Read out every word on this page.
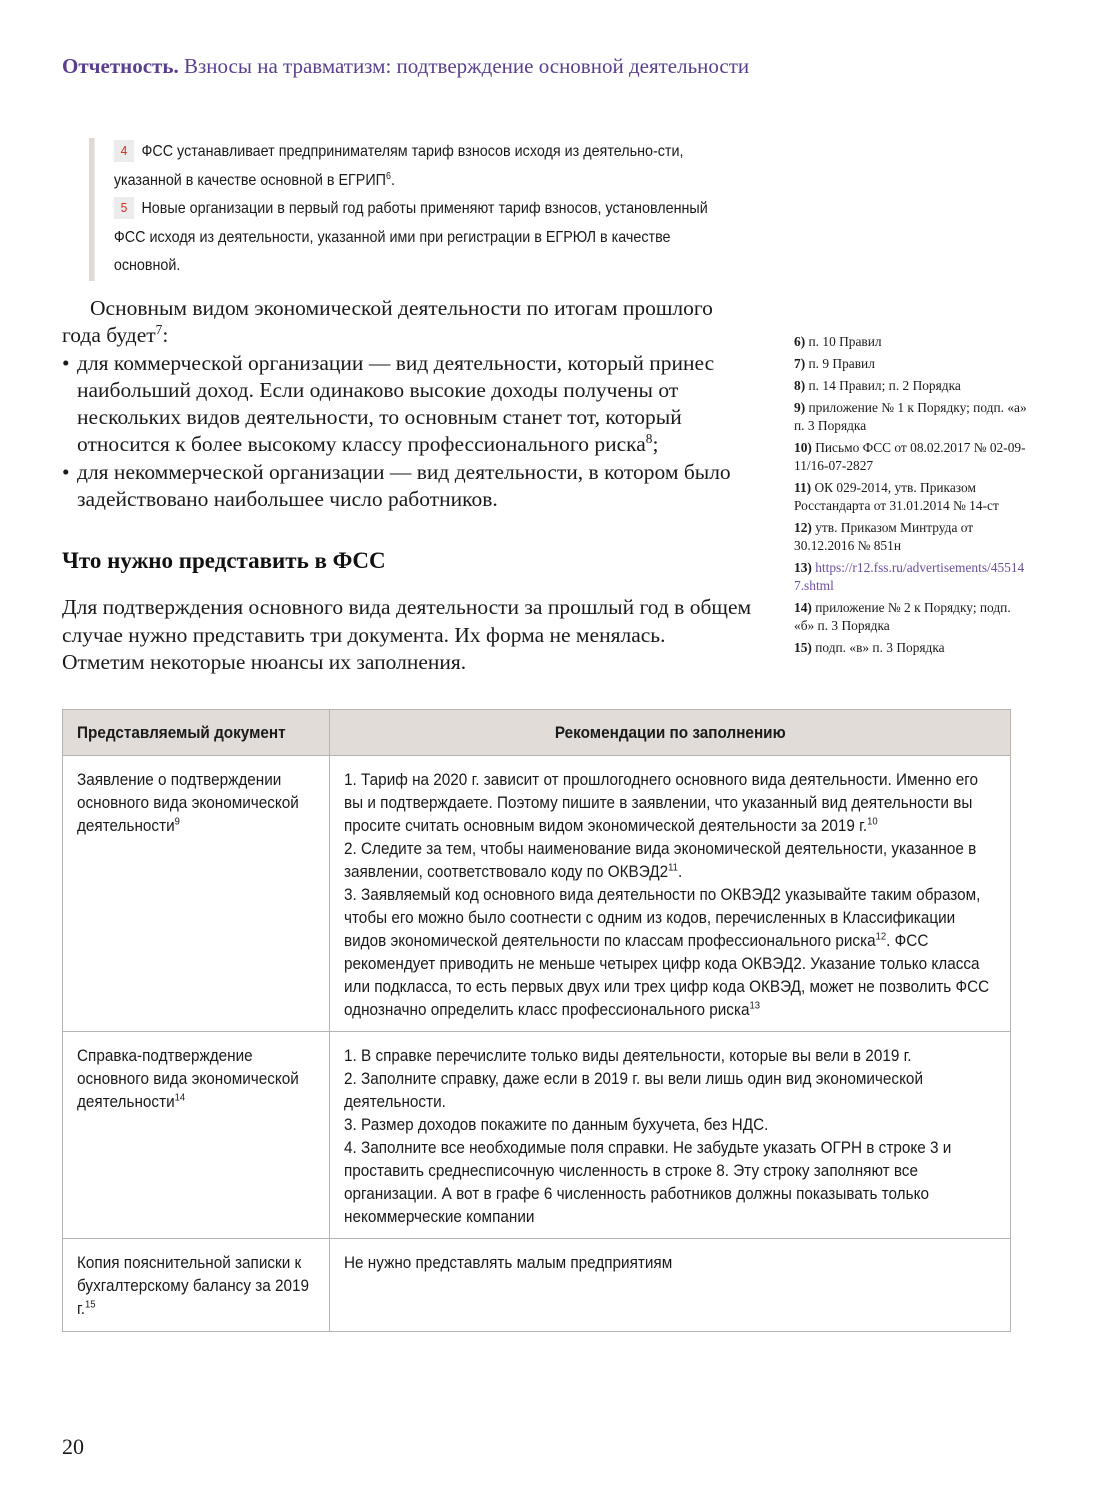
Отчетность. Взносы на травматизм: подтверждение основной деятельности

4 ФСС устанавливает предпринимателям тариф взносов исходя из деятельно-сти, указанной в качестве основной в ЕГРИП$^6$.

5 Новые организации в первый год работы применяют тариф взносов, установленный ФСС исходя из деятельности, указанной ими при регистрации в ЕГРЮЛ в качестве основной.

Основным видом экономической деятельности по итогам прошлого года будет$^7$:

• для коммерческой организации — вид деятельности, который принес наибольший доход. Если одинаково высокие доходы получены от нескольких видов деятельности, то основным станет тот, который относится к более высокому классу профессионального риска$^8$;

• для некоммерческой организации — вид деятельности, в котором было задействовано наибольшее число работников.

Что нужно представить в ФСС

Для подтверждения основного вида деятельности за прошлый год в общем случае нужно представить три документа. Их форма не менялась. Отметим некоторые нюансы их заполнения.

6) п. 10 Правил

7) п. 9 Правил

8) п. 14 Правил; п. 2 Порядка

9) приложение № 1 к Порядку; подп. «а» п. 3 Порядка

10) Письмо ФСС от 08.02.2017 № 02-09-11/16-07-2827

11) ОК 029-2014, утв. Приказом Росстандарта от 31.01.2014 № 14-ст

12) утв. Приказом Минтруда от 30.12.2016 № 851н

13) https://r12.fss.ru/advertisements/455147.shtml

14) приложение № 2 к Порядку; подп. «б» п. 3 Порядка

15) подп. «в» п. 3 Порядка

Представляемый документ	Рекомендации по заполнению
Заявление о подтверждении основного вида экономической деятельности$^9$	1. Тариф на 2020 г. зависит от прошлогоднего основного вида деятельности. Именно его вы и подтверждаете. Поэтому пишите в заявлении, что указанный вид деятельности вы просите считать основным видом экономической деятельности за 2019 г.$^{10}$
2. Следите за тем, чтобы наименование вида экономической деятельности, указанное в заявлении, соответствовало коду по $ОКВЭД2^{11}$.
3. Заявляемый код основного вида деятельности по ОКВЭД2 указывайте таким образом, чтобы его можно было соотнести с одним из кодов, перечисленных в Классификации видов экономической деятельности по классам профессионального риска$^{12}$. ФСС рекомендует приводить не меньше четырех цифр кода ОКВЭД2. Указание только класса или подкласса, то есть первых двух или трех цифр кода ОКВЭД, может не позволить ФСС однозначно определить класс профессионального риска$^{13}$

Справка-подтверждение основного вида экономической деятельности$^{14}$	1. В справке перечислите только виды деятельности, которые вы вели в 2019 г.
2. Заполните справку, даже если в 2019 г. вы вели лишь один вид экономической деятельности.
3. Размер доходов покажите по данным бухучета, без НДС.
4. Заполните все необходимые поля справки. Не забудьте указать ОГРН в строке 3 и проставить среднесписочную численность в строке 8. Эту строку заполняют все организации. А вот в графе 6 численность работников должны показывать только некоммерческие компании

Копия пояснительной записки к бухгалтерскому балансу за 2019 г.$^{15}$	Не нужно представлять малым предприятиям
20
